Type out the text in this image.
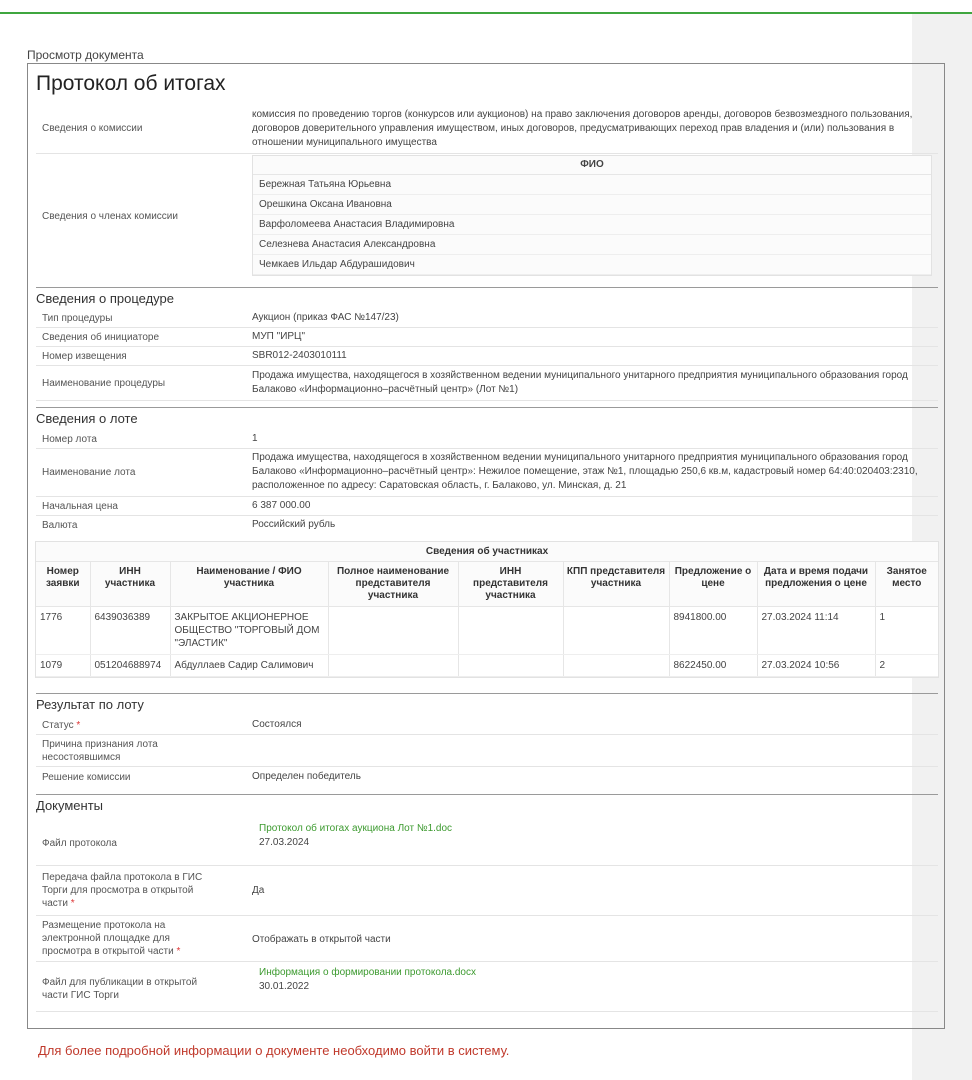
Просмотр документа
Протокол об итогах
Сведения о комиссии
комиссия по проведению торгов (конкурсов или аукционов) на право заключения договоров аренды, договоров безвозмездного пользования, договоров доверительного управления имуществом, иных договоров, предусматривающих переход прав владения и (или) пользования в отношении муниципального имущества
Сведения о членах комиссии
ФИО
Бережная Татьяна Юрьевна
Орешкина Оксана Ивановна
Варфоломеева Анастасия Владимировна
Селезнева Анастасия Александровна
Чемкаев Ильдар Абдурашидович
Сведения о процедуре
Тип процедуры	Аукцион (приказ ФАС №147/23)
Сведения об инициаторе	МУП "ИРЦ"
Номер извещения	SBR012-2403010111
Наименование процедуры
Продажа имущества, находящегося в хозяйственном ведении муниципального унитарного предприятия муниципального образования город Балаково «Информационно–расчётный центр» (Лот №1)
Сведения о лоте
Номер лота	1
Наименование лота
Продажа имущества, находящегося в хозяйственном ведении муниципального унитарного предприятия муниципального образования город Балаково «Информационно–расчётный центр»: Нежилое помещение, этаж №1, площадью 250,6 кв.м, кадастровый номер 64:40:020403:2310, расположенное по адресу: Саратовская область, г. Балаково, ул. Минская, д. 21
Начальная цена	6 387 000.00
Валюта	Российский рубль
Сведения об участниках
Номер заявки	ИНН участника	Наименование / ФИО участника	Полное наименование представителя участника	ИНН представителя участника	КПП представителя участника	Предложение о цене	Дата и время подачи предложения о цене	Занятое место
1776	6439036389	ЗАКРЫТОЕ АКЦИОНЕРНОЕ ОБЩЕСТВО "ТОРГОВЫЙ ДОМ "ЭЛАСТИК"				8941800.00	27.03.2024 11:14	1
1079	051204688974	Абдуллаев Садир Салимович				8622450.00	27.03.2024 10:56	2
Результат по лоту
Статус *	Состоялся
Причина признания лота несостоявшимся
Решение комиссии	Определен победитель
Документы
Файл протокола
Протокол об итогах аукциона Лот №1.doc
27.03.2024
Передача файла протокола в ГИС Торги для просмотра в открытой части *
Да
Размещение протокола на электронной площадке для просмотра в открытой части *
Отображать в открытой части
Файл для публикации в открытой части ГИС Торги
Информация о формировании протокола.docx
30.01.2022
Для более подробной информации о документе необходимо войти в систему.
